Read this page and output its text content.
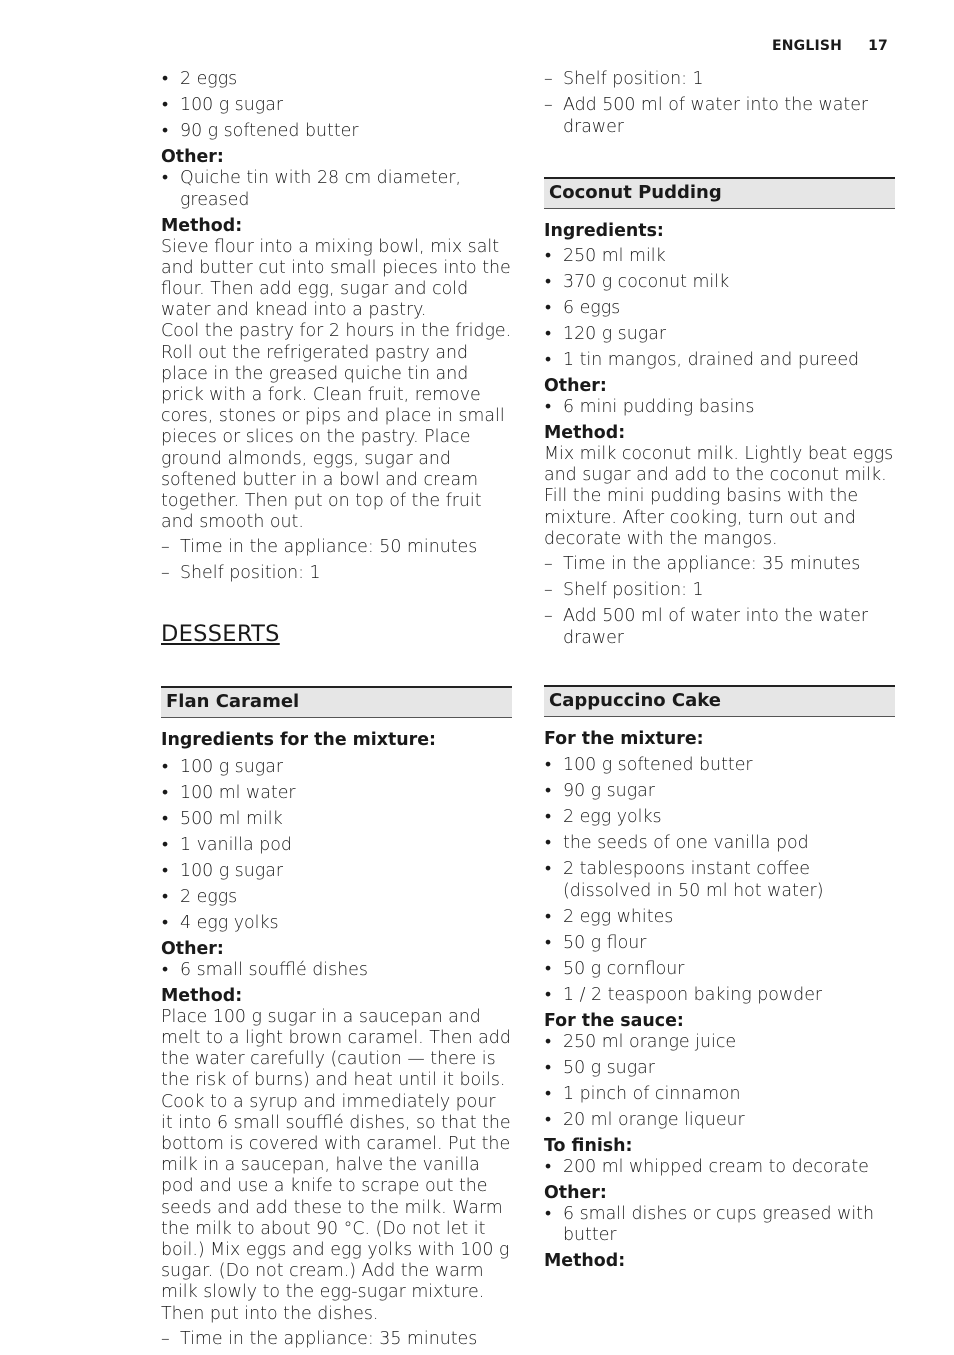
ENGLISH 17
• 2 eggs
• 100 g sugar
• 90 g softened butter
Other:
• Quiche tin with 28 cm diameter, greased
Method:
Sieve flour into a mixing bowl, mix salt and butter cut into small pieces into the flour. Then add egg, sugar and cold water and knead into a pastry.
Cool the pastry for 2 hours in the fridge. Roll out the refrigerated pastry and place in the greased quiche tin and prick with a fork. Clean fruit, remove cores, stones or pips and place in small pieces or slices on the pastry. Place ground almonds, eggs, sugar and softened butter in a bowl and cream together. Then put on top of the fruit and smooth out.
– Time in the appliance: 50 minutes
– Shelf position: 1
DESSERTS
Flan Caramel
Ingredients for the mixture:
• 100 g sugar
• 100 ml water
• 500 ml milk
• 1 vanilla pod
• 100 g sugar
• 2 eggs
• 4 egg yolks
Other:
• 6 small soufflé dishes
Method:
Place 100 g sugar in a saucepan and melt to a light brown caramel. Then add the water carefully (caution — there is the risk of burns) and heat until it boils. Cook to a syrup and immediately pour it into 6 small soufflé dishes, so that the bottom is covered with caramel. Put the milk in a saucepan, halve the vanilla pod and use a knife to scrape out the seeds and add these to the milk. Warm the milk to about 90 °C. (Do not let it boil.) Mix eggs and egg yolks with 100 g sugar. (Do not cream.) Add the warm milk slowly to the egg-sugar mixture. Then put into the dishes.
– Time in the appliance: 35 minutes
– Shelf position: 1
– Add 500 ml of water into the water drawer
Coconut Pudding
Ingredients:
• 250 ml milk
• 370 g coconut milk
• 6 eggs
• 120 g sugar
• 1 tin mangos, drained and pureed
Other:
• 6 mini pudding basins
Method:
Mix milk coconut milk. Lightly beat eggs and sugar and add to the coconut milk. Fill the mini pudding basins with the mixture. After cooking, turn out and decorate with the mangos.
– Time in the appliance: 35 minutes
– Shelf position: 1
– Add 500 ml of water into the water drawer
Cappuccino Cake
For the mixture:
• 100 g softened butter
• 90 g sugar
• 2 egg yolks
• the seeds of one vanilla pod
• 2 tablespoons instant coffee (dissolved in 50 ml hot water)
• 2 egg whites
• 50 g flour
• 50 g cornflour
• 1 / 2 teaspoon baking powder
For the sauce:
• 250 ml orange juice
• 50 g sugar
• 1 pinch of cinnamon
• 20 ml orange liqueur
To finish:
• 200 ml whipped cream to decorate
Other:
• 6 small dishes or cups greased with butter
Method:
